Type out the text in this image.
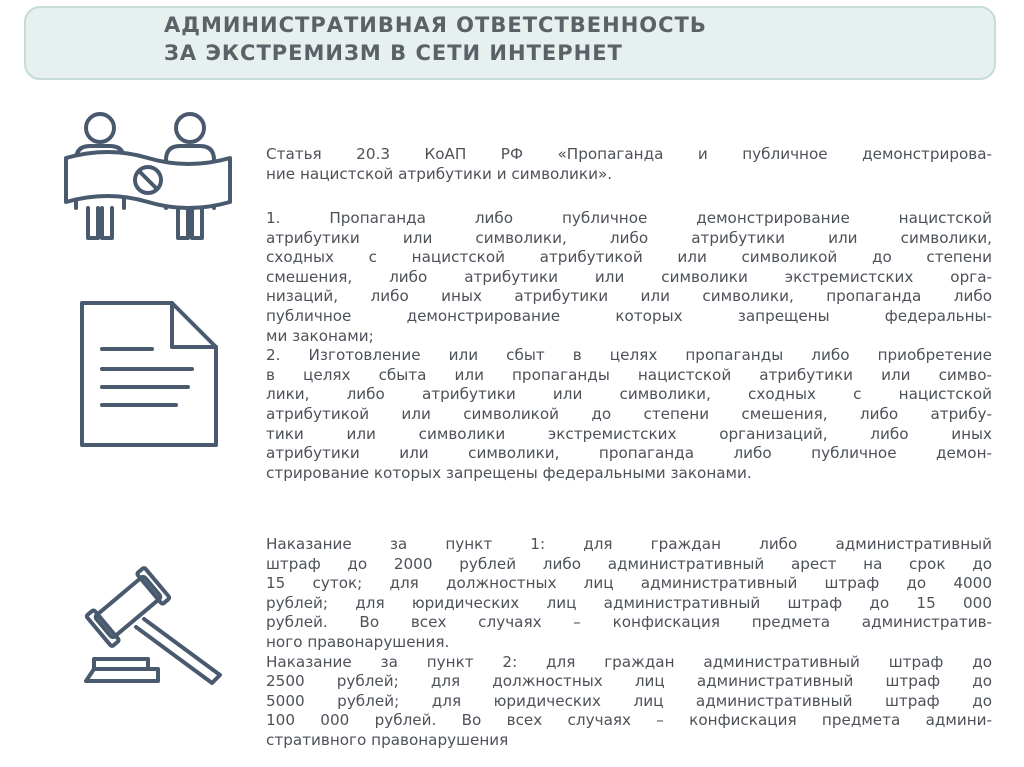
АДМИНИСТРАТИВНАЯ ОТВЕТСТВЕННОСТЬ
ЗА ЭКСТРЕМИЗМ В СЕТИ ИНТЕРНЕТ
Статья 20.3 КоАП РФ «Пропаганда и публичное демонстрирова-
ние нацистской атрибутики и символики».
1. Пропаганда либо публичное демонстрирование нацистской
атрибутики или символики, либо атрибутики или символики,
сходных с нацистской атрибутикой или символикой до степени
смешения, либо атрибутики или символики экстремистских орга-
низаций, либо иных атрибутики или символики, пропаганда либо
публичное демонстрирование которых запрещены федеральны-
ми законами;
2. Изготовление или сбыт в целях пропаганды либо приобретение
в целях сбыта или пропаганды нацистской атрибутики или симво-
лики, либо атрибутики или символики, сходных с нацистской
атрибутикой или символикой до степени смешения, либо атрибу-
тики или символики экстремистских организаций, либо иных
атрибутики или символики, пропаганда либо публичное демон-
стрирование которых запрещены федеральными законами.
Наказание за пункт 1: для граждан либо административный
штраф до 2000 рублей либо административный арест на срок до
15 суток; для должностных лиц административный штраф до 4000
рублей; для юридических лиц административный штраф до 15 000
рублей. Во всех случаях – конфискация предмета административ-
ного правонарушения.
Наказание за пункт 2: для граждан административный штраф до
2500 рублей; для должностных лиц административный штраф до
5000 рублей; для юридических лиц административный штраф до
100 000 рублей. Во всех случаях – конфискация предмета админи-
стративного правонарушения
